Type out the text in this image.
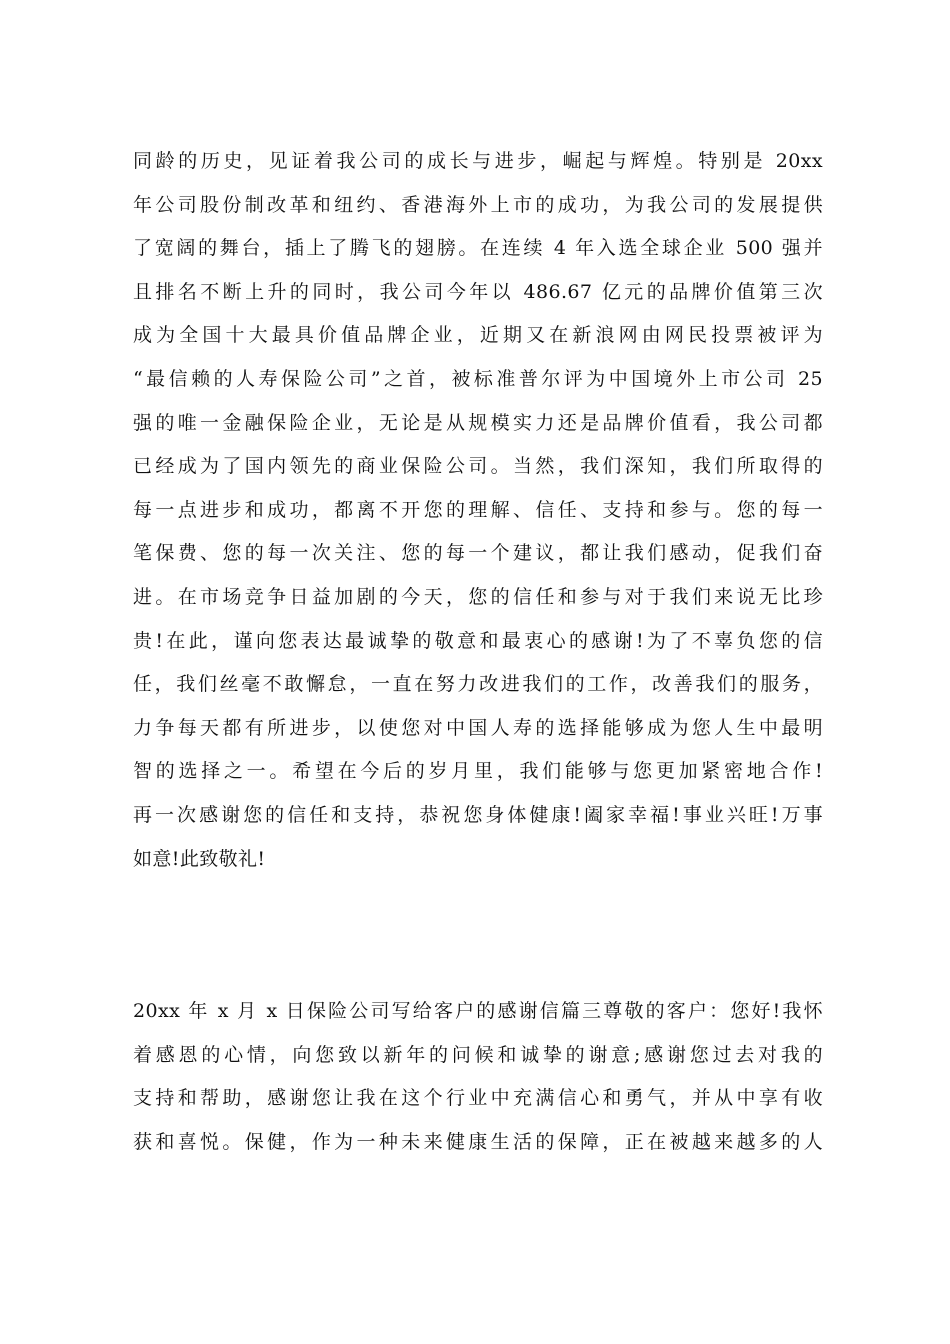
同龄的历史，见证着我公司的成长与进步，崛起与辉煌。特别是 20xx
年公司股份制改革和纽约、香港海外上市的成功，为我公司的发展提供
了宽阔的舞台，插上了腾飞的翅膀。在连续 4 年入选全球企业 500 强并
且排名不断上升的同时，我公司今年以 486.67 亿元的品牌价值第三次
成为全国十大最具价值品牌企业，近期又在新浪网由网民投票被评为
“最信赖的人寿保险公司”之首，被标准普尔评为中国境外上市公司 25
强的唯一金融保险企业，无论是从规模实力还是品牌价值看，我公司都
已经成为了国内领先的商业保险公司。当然，我们深知，我们所取得的
每一点进步和成功，都离不开您的理解、信任、支持和参与。您的每一
笔保费、您的每一次关注、您的每一个建议，都让我们感动，促我们奋
进。在市场竞争日益加剧的今天，您的信任和参与对于我们来说无比珍
贵!在此，谨向您表达最诚挚的敬意和最衷心的感谢!为了不辜负您的信
任，我们丝毫不敢懈怠，一直在努力改进我们的工作，改善我们的服务，
力争每天都有所进步，以使您对中国人寿的选择能够成为您人生中最明
智的选择之一。希望在今后的岁月里，我们能够与您更加紧密地合作!
再一次感谢您的信任和支持，恭祝您身体健康!阖家幸福!事业兴旺!万事
如意!此致敬礼!
20xx 年 x 月 x 日保险公司写给客户的感谢信篇三尊敬的客户：您好!我怀
着感恩的心情，向您致以新年的问候和诚挚的谢意;感谢您过去对我的
支持和帮助，感谢您让我在这个行业中充满信心和勇气，并从中享有收
获和喜悦。保健，作为一种未来健康生活的保障，正在被越来越多的人
